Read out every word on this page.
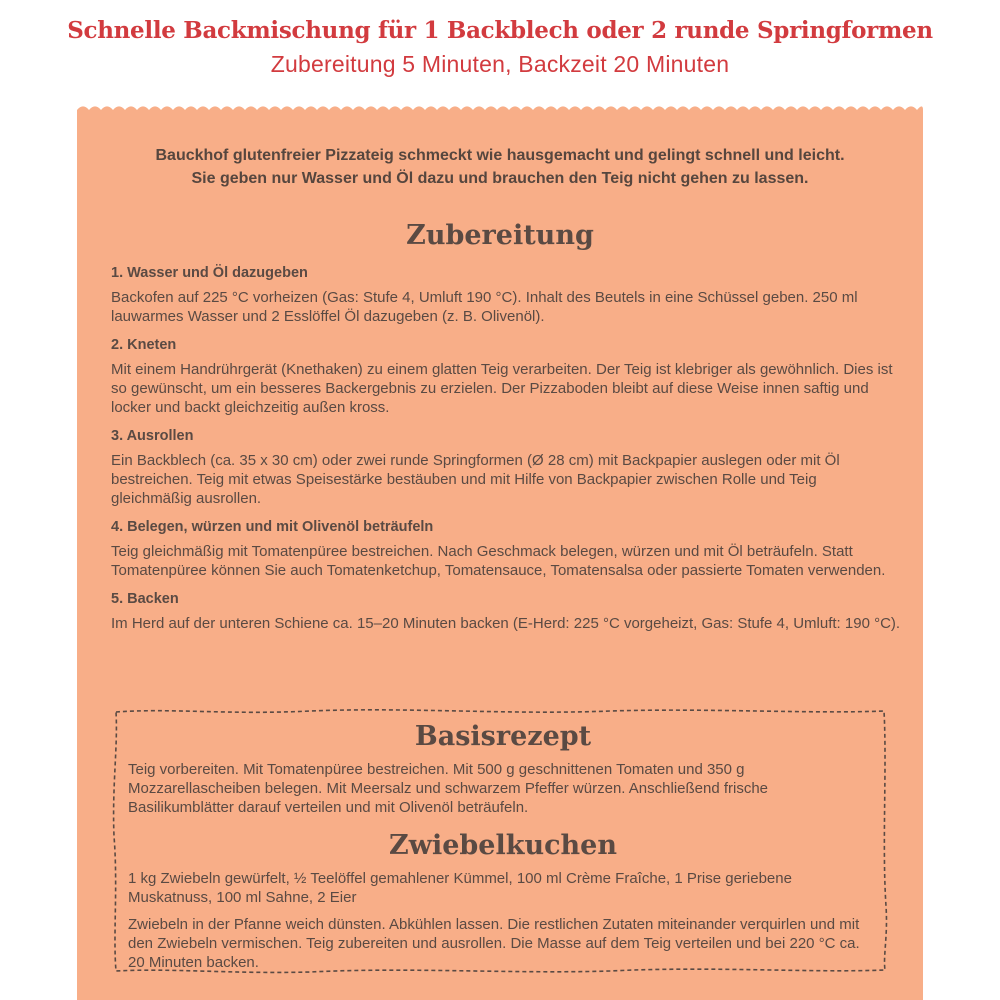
Schnelle Backmischung für 1 Backblech oder 2 runde Springformen
Zubereitung 5 Minuten, Backzeit 20 Minuten
Bauckhof glutenfreier Pizzateig schmeckt wie hausgemacht und gelingt schnell und leicht.
Sie geben nur Wasser und Öl dazu und brauchen den Teig nicht gehen zu lassen.
Zubereitung
1. Wasser und Öl dazugeben
Backofen auf 225 °C vorheizen (Gas: Stufe 4, Umluft 190 °C). Inhalt des Beutels in eine Schüssel geben. 250 ml lauwarmes Wasser und 2 Esslöffel Öl dazugeben (z. B. Olivenöl).
2. Kneten
Mit einem Handrührgerät (Knethaken) zu einem glatten Teig verarbeiten. Der Teig ist klebriger als gewöhnlich. Dies ist so gewünscht, um ein besseres Backergebnis zu erzielen. Der Pizzaboden bleibt auf diese Weise innen saftig und locker und backt gleichzeitig außen kross.
3. Ausrollen
Ein Backblech (ca. 35 x 30 cm) oder zwei runde Springformen (Ø 28 cm) mit Backpapier auslegen oder mit Öl bestreichen. Teig mit etwas Speisestärke bestäuben und mit Hilfe von Backpapier zwischen Rolle und Teig gleichmäßig ausrollen.
4. Belegen, würzen und mit Olivenöl beträufeln
Teig gleichmäßig mit Tomatenpüree bestreichen. Nach Geschmack belegen, würzen und mit Öl beträufeln. Statt Tomatenpüree können Sie auch Tomatenketchup, Tomatensauce, Tomatensalsa oder passierte Tomaten verwenden.
5. Backen
Im Herd auf der unteren Schiene ca. 15–20 Minuten backen (E-Herd: 225 °C vorgeheizt, Gas: Stufe 4, Umluft: 190 °C).
Basisrezept
Teig vorbereiten. Mit Tomatenpüree bestreichen. Mit 500 g geschnittenen Tomaten und 350 g Mozzarellascheiben belegen. Mit Meersalz und schwarzem Pfeffer würzen. Anschließend frische Basilikumblätter darauf verteilen und mit Olivenöl beträufeln.
Zwiebelkuchen
1 kg Zwiebeln gewürfelt, ½ Teelöffel gemahlener Kümmel, 100 ml Crème Fraîche, 1 Prise geriebene Muskatnuss, 100 ml Sahne, 2 Eier
Zwiebeln in der Pfanne weich dünsten. Abkühlen lassen. Die restlichen Zutaten miteinander verquirlen und mit den Zwiebeln vermischen. Teig zubereiten und ausrollen. Die Masse auf dem Teig verteilen und bei 220 °C ca. 20 Minuten backen.
